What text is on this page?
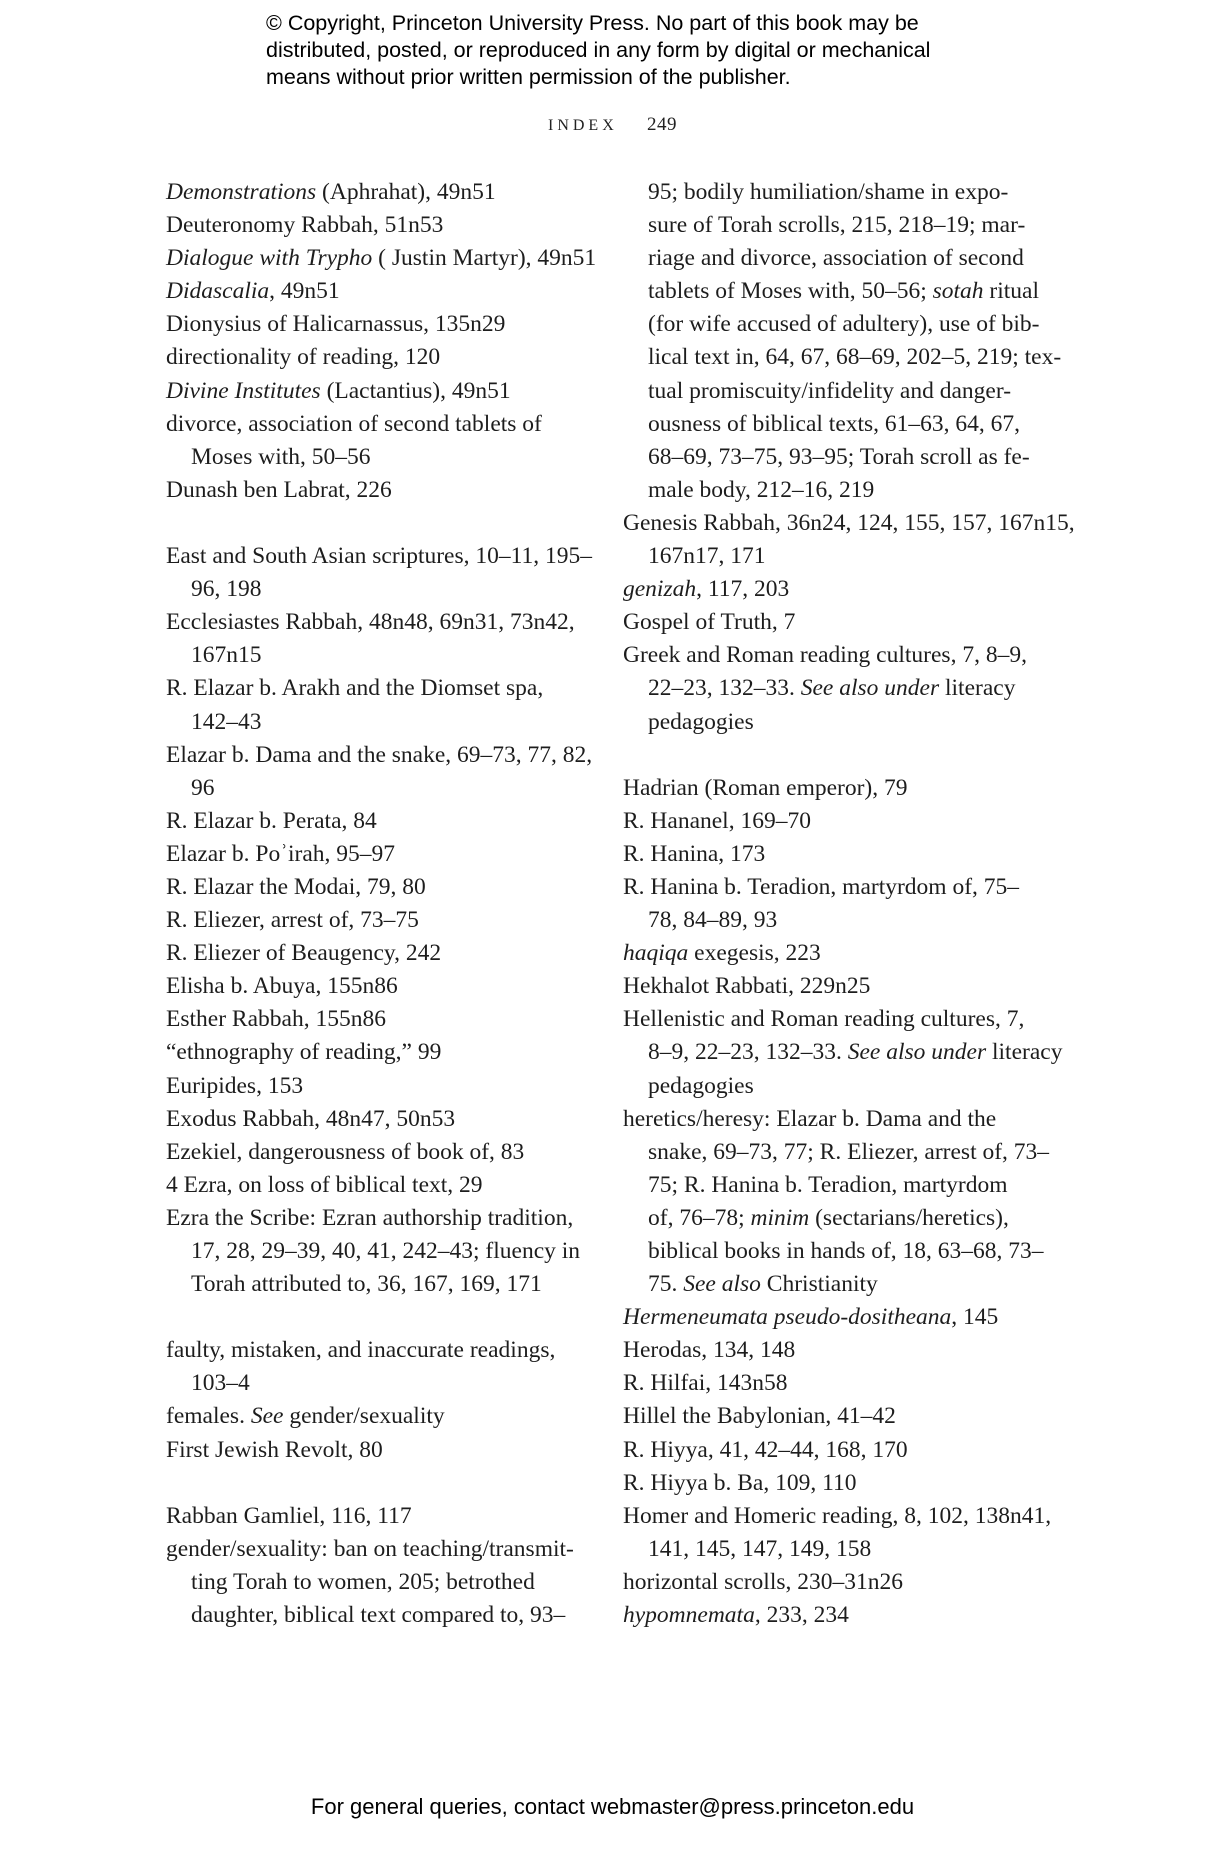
© Copyright, Princeton University Press. No part of this book may be
distributed, posted, or reproduced in any form by digital or mechanical
means without prior written permission of the publisher.
INDEX 249
Demonstrations (Aphrahat), 49n51
Deuteronomy Rabbah, 51n53
Dialogue with Trypho ( Justin Martyr), 49n51
Didascalia, 49n51
Dionysius of Halicarnassus, 135n29
directionality of reading, 120
Divine Institutes (Lactantius), 49n51
divorce, association of second tablets of
Moses with, 50–56
Dunash ben Labrat, 226
East and South Asian scriptures, 10–11, 195–
96, 198
Ecclesiastes Rabbah, 48n48, 69n31, 73n42,
167n15
R. Elazar b. Arakh and the Diomset spa,
142–43
Elazar b. Dama and the snake, 69–73, 77, 82,
96
R. Elazar b. Perata, 84
Elazar b. Poʾirah, 95–97
R. Elazar the Modai, 79, 80
R. Eliezer, arrest of, 73–75
R. Eliezer of Beaugency, 242
Elisha b. Abuya, 155n86
Esther Rabbah, 155n86
“ethnography of reading,” 99
Euripides, 153
Exodus Rabbah, 48n47, 50n53
Ezekiel, dangerousness of book of, 83
4 Ezra, on loss of biblical text, 29
Ezra the Scribe: Ezran authorship tradition,
17, 28, 29–39, 40, 41, 242–43; fluency in
Torah attributed to, 36, 167, 169, 171
faulty, mistaken, and inaccurate readings,
103–4
females. See gender/sexuality
First Jewish Revolt, 80
Rabban Gamliel, 116, 117
gender/sexuality: ban on teaching/transmit-
ting Torah to women, 205; betrothed
daughter, biblical text compared to, 93–
95; bodily humiliation/shame in expo-
sure of Torah scrolls, 215, 218–19; mar-
riage and divorce, association of second
tablets of Moses with, 50–56; sotah ritual
(for wife accused of adultery), use of bib-
lical text in, 64, 67, 68–69, 202–5, 219; tex-
tual promiscuity/infidelity and danger-
ousness of biblical texts, 61–63, 64, 67,
68–69, 73–75, 93–95; Torah scroll as fe-
male body, 212–16, 219
Genesis Rabbah, 36n24, 124, 155, 157, 167n15,
167n17, 171
genizah, 117, 203
Gospel of Truth, 7
Greek and Roman reading cultures, 7, 8–9,
22–23, 132–33. See also under literacy
pedagogies
Hadrian (Roman emperor), 79
R. Hananel, 169–70
R. Hanina, 173
R. Hanina b. Teradion, martyrdom of, 75–
78, 84–89, 93
haqiqa exegesis, 223
Hekhalot Rabbati, 229n25
Hellenistic and Roman reading cultures, 7,
8–9, 22–23, 132–33. See also under literacy
pedagogies
heretics/heresy: Elazar b. Dama and the
snake, 69–73, 77; R. Eliezer, arrest of, 73–
75; R. Hanina b. Teradion, martyrdom
of, 76–78; minim (sectarians/heretics),
biblical books in hands of, 18, 63–68, 73–
75. See also Christianity
Hermeneumata pseudo-dositheana, 145
Herodas, 134, 148
R. Hilfai, 143n58
Hillel the Babylonian, 41–42
R. Hiyya, 41, 42–44, 168, 170
R. Hiyya b. Ba, 109, 110
Homer and Homeric reading, 8, 102, 138n41,
141, 145, 147, 149, 158
horizontal scrolls, 230–31n26
hypomnemata, 233, 234
For general queries, contact webmaster@press.princeton.edu
